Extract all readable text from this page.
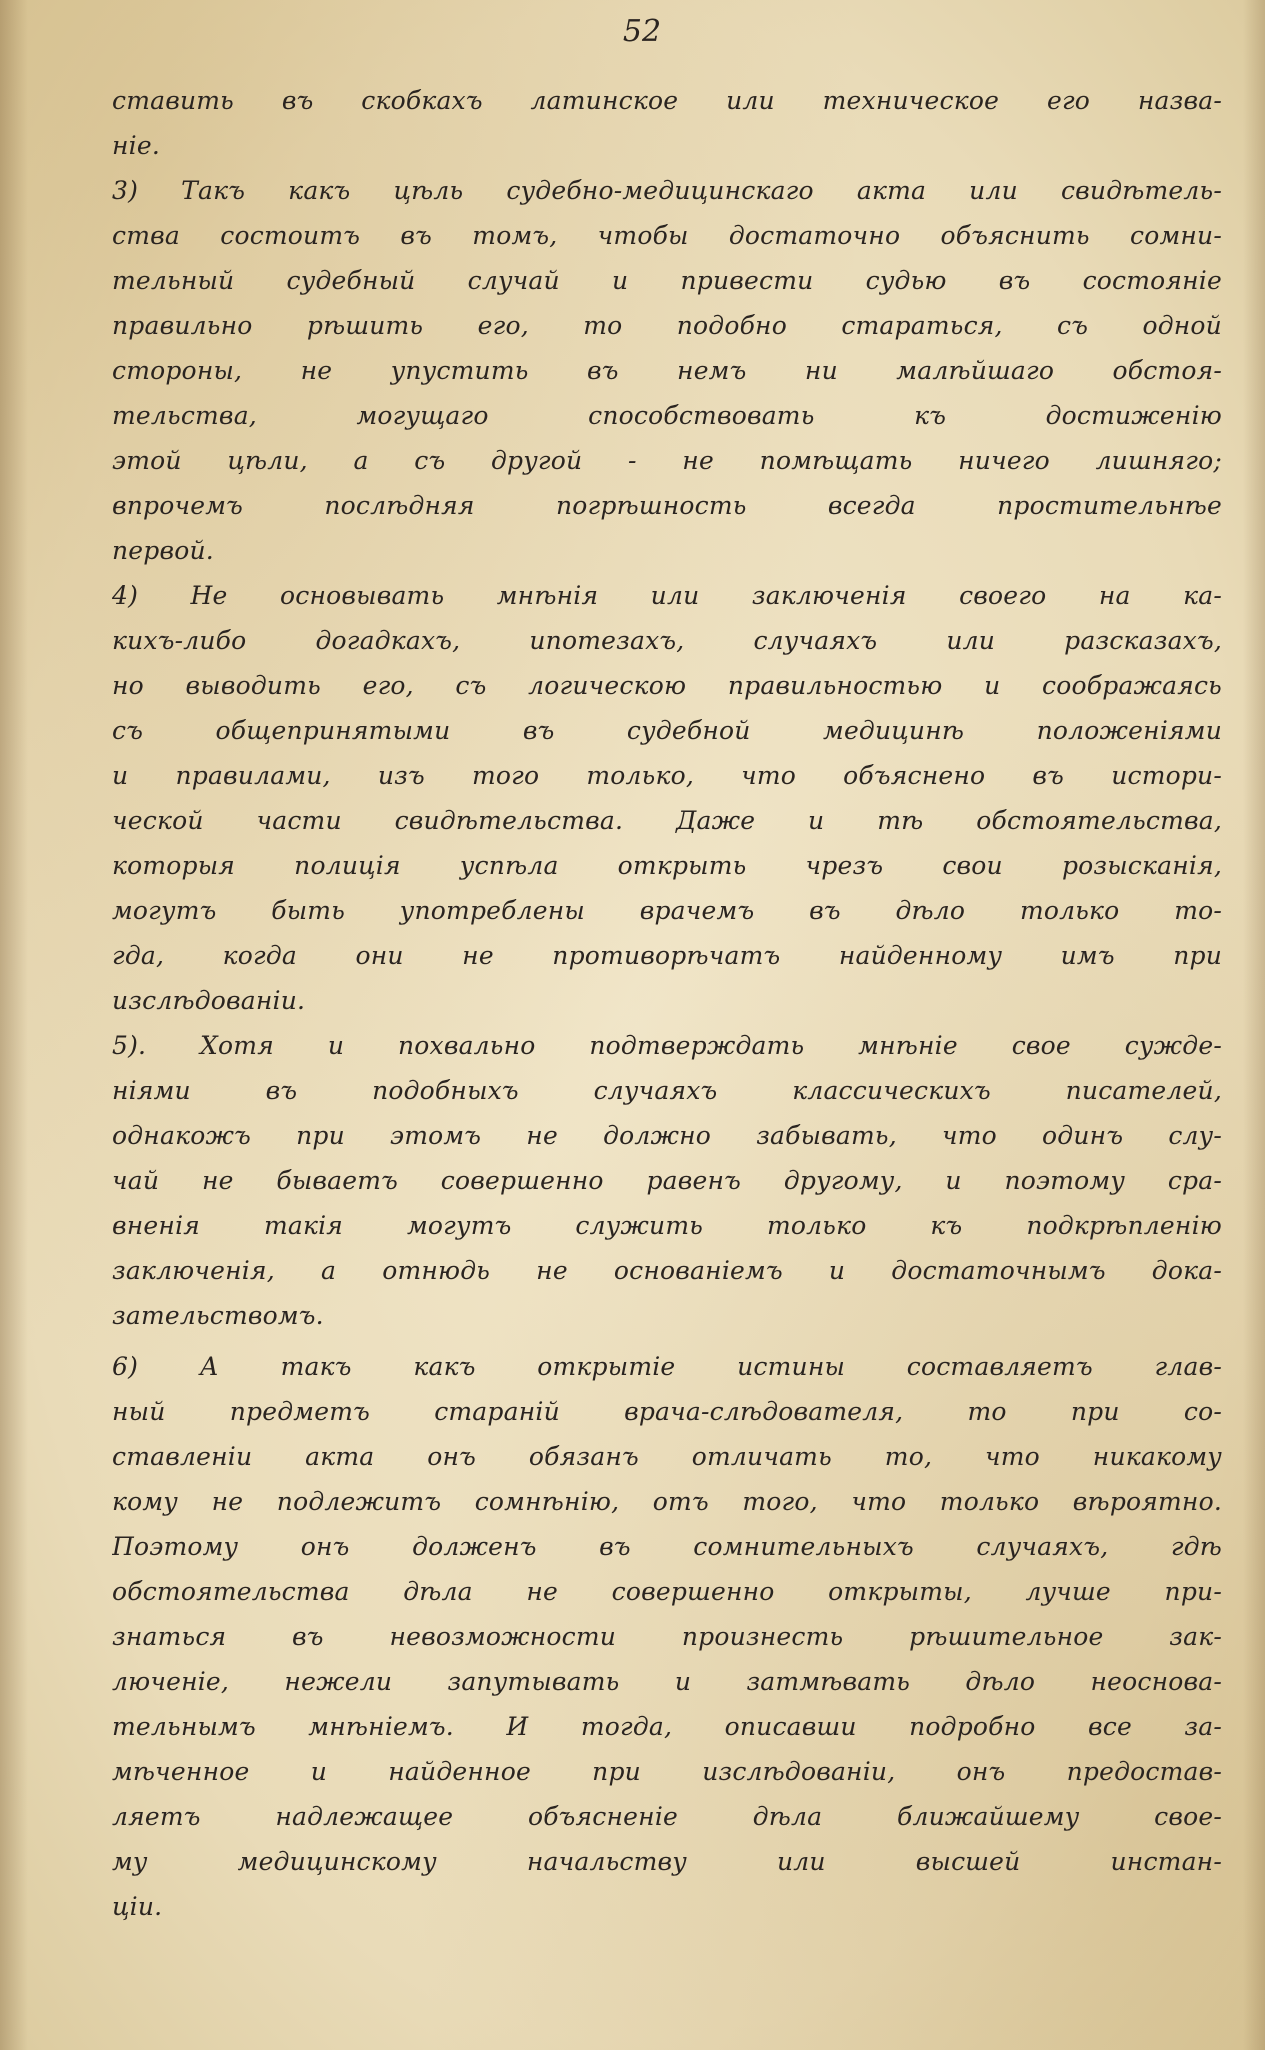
52
ставить въ скобкахъ латинское или техническое его назва-
нiе.
3) Такъ какъ цѣль судебно-медицинскаго акта или свидѣтель-
ства состоитъ въ томъ, чтобы достаточно объяснить сомни-
тельный судебный случай и привести судью въ состоянiе
правильно рѣшить его, то подобно стараться, съ одной
стороны, не упустить въ немъ ни малѣйшаго обстоя-
тельства, могущаго способствовать къ достиженiю
этой цѣли, а съ другой - не помѣщать ничего лишняго;
впрочемъ послѣдняя погрѣшность всегда простительнѣе
первой.
4) Не основывать мнѣнiя или заключенiя своего на ка-
кихъ-либо догадкахъ, ипотезахъ, случаяхъ или разсказахъ,
но выводить его, съ логическою правильностью и соображаясь
съ общепринятыми въ судебной медицинѣ положенiями
и правилами, изъ того только, что объяснено въ истори-
ческой части свидѣтельства. Даже и тѣ обстоятельства,
которыя полицiя успѣла открыть чрезъ свои розысканiя,
могутъ быть употреблены врачемъ въ дѣло только то-
гда, когда они не противорѣчатъ найденному имъ при
изслѣдованiи.
5). Хотя и похвально подтверждать мнѣнiе свое сужде-
нiями въ подобныхъ случаяхъ классическихъ писателей,
однакожъ при этомъ не должно забывать, что одинъ слу-
чай не бываетъ совершенно равенъ другому, и поэтому сра-
вненiя такiя могутъ служить только къ подкрѣпленiю
заключенiя, а отнюдь не основанiемъ и достаточнымъ дока-
зательствомъ.
6) А такъ какъ открытiе истины составляетъ глав-
ный предметъ старанiй врача-слѣдователя, то при со-
ставленiи акта онъ обязанъ отличать то, что никакому
кому не подлежитъ сомнѣнiю, отъ того, что только вѣроятно.
Поэтому онъ долженъ въ сомнительныхъ случаяхъ, гдѣ
обстоятельства дѣла не совершенно открыты, лучше при-
знаться въ невозможности произнесть рѣшительное зак-
люченiе, нежели запутывать и затмѣвать дѣло неоснова-
тельнымъ мнѣнiемъ. И тогда, описавши подробно все за-
мѣченное и найденное при изслѣдованiи, онъ предостав-
ляетъ надлежащее объясненiе дѣла ближайшему свое-
му медицинскому начальству или высшей инстан-
цiи.
